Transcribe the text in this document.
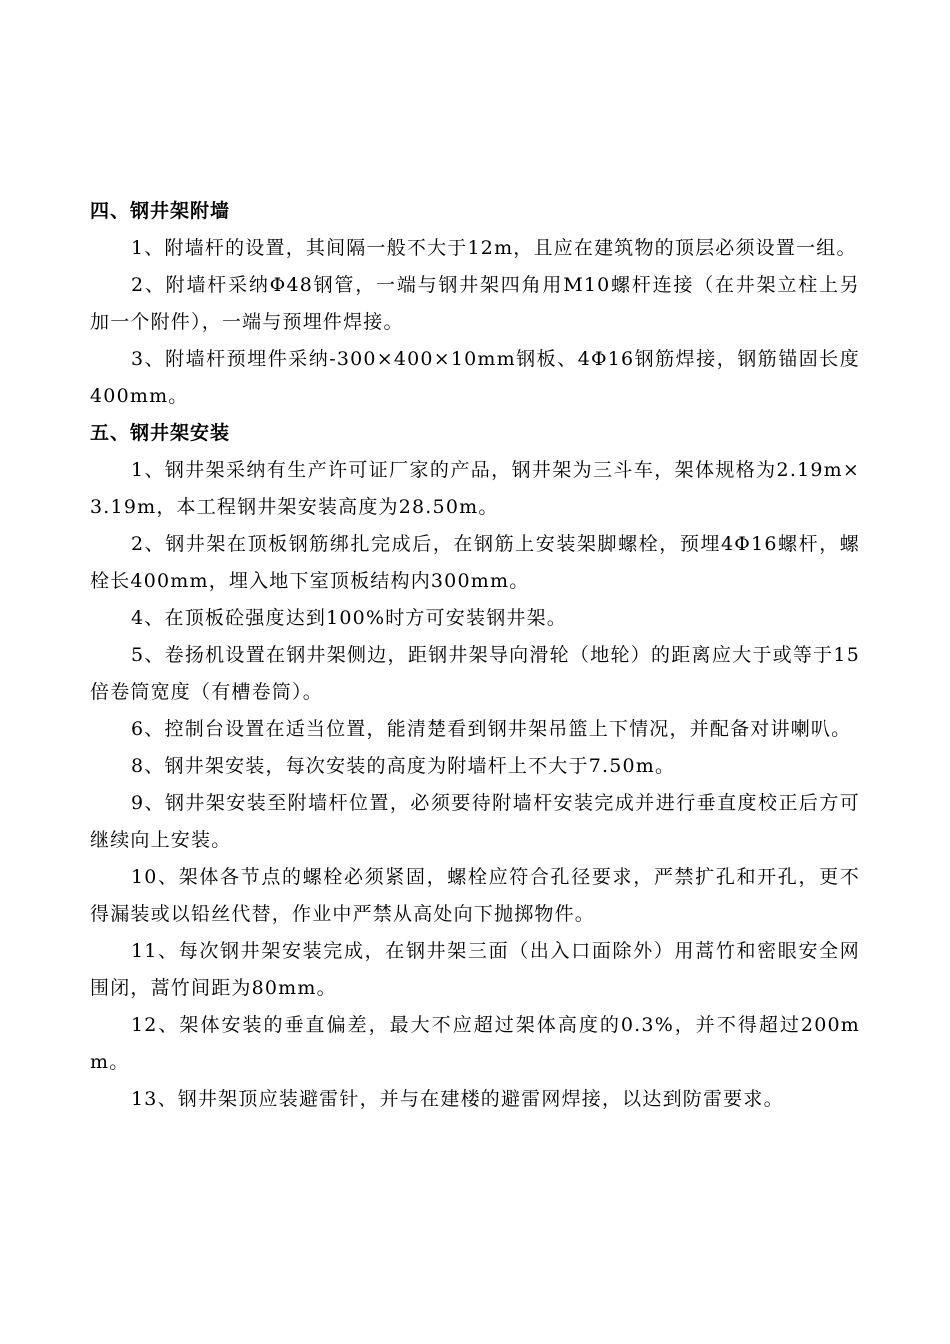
四、钢井架附墙

1、附墙杆的设置，其间隔一般不大于12m，且应在建筑物的顶层必须设置一组。

2、附墙杆采纳Φ48钢管，一端与钢井架四角用M10螺杆连接（在井架立柱上另加一个附件），一端与预埋件焊接。

3、附墙杆预埋件采纳-300×400×10mm钢板、4Φ16钢筋焊接，钢筋锚固长度400mm。

五、钢井架安装

1、钢井架采纳有生产许可证厂家的产品，钢井架为三斗车，架体规格为2.19m×3.19m，本工程钢井架安装高度为28.50m。

2、钢井架在顶板钢筋绑扎完成后，在钢筋上安装架脚螺栓，预埋4Φ16螺杆，螺栓长400mm，埋入地下室顶板结构内300mm。

4、在顶板砼强度达到100%时方可安装钢井架。

5、卷扬机设置在钢井架侧边，距钢井架导向滑轮（地轮）的距离应大于或等于15倍卷筒宽度（有槽卷筒）。

6、控制台设置在适当位置，能清楚看到钢井架吊篮上下情况，并配备对讲喇叭。

8、钢井架安装，每次安装的高度为附墙杆上不大于7.50m。

9、钢井架安装至附墙杆位置，必须要待附墙杆安装完成并进行垂直度校正后方可继续向上安装。

10、架体各节点的螺栓必须紧固，螺栓应符合孔径要求，严禁扩孔和开孔，更不得漏装或以铅丝代替，作业中严禁从高处向下抛掷物件。

11、每次钢井架安装完成，在钢井架三面（出入口面除外）用蒿竹和密眼安全网围闭，蒿竹间距为80mm。

12、架体安装的垂直偏差，最大不应超过架体高度的0.3%，并不得超过200mm。

13、钢井架顶应装避雷针，并与在建楼的避雷网焊接，以达到防雷要求。
